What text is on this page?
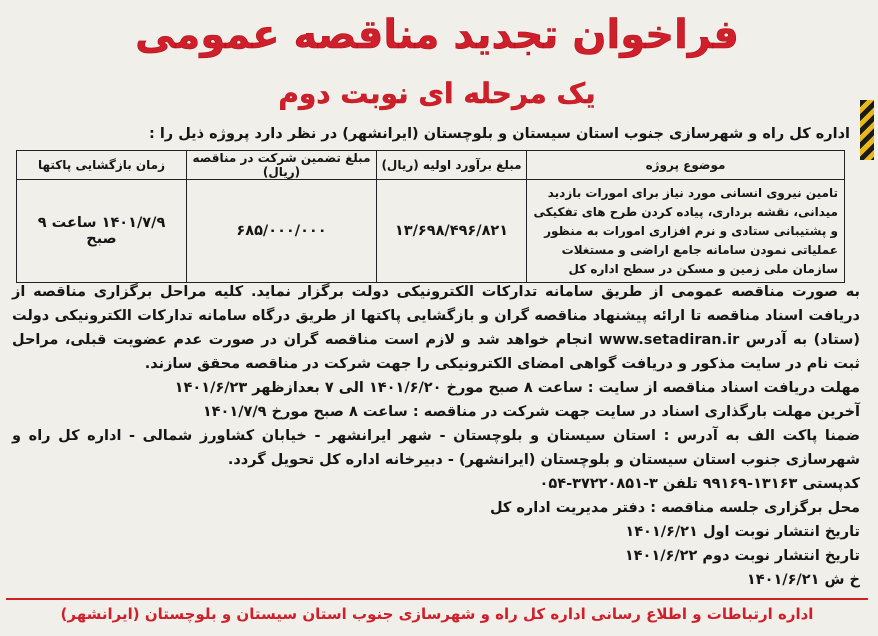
فراخوان تجدید مناقصه عمومی
یک مرحله ای نوبت دوم
اداره کل راه و شهرسازی جنوب استان سیستان و بلوچستان (ایرانشهر) در نظر دارد پروژه ذیل را :
موضوع پروژه	مبلغ برآورد اولیه (ریال)	مبلغ تضمین شرکت در مناقصه (ریال)	زمان بازگشایی پاکتها
تامین نیروی انسانی مورد نیاز برای امورات بازدید میدانی، نقشه برداری، پیاده کردن طرح های تفکیکی و پشتیبانی ستادی و نرم افزاری امورات به منظور عملیاتی نمودن سامانه جامع اراضی و مستغلات سازمان ملی زمین و مسکن در سطح اداره کل	۱۳/۶۹۸/۴۹۶/۸۲۱	۶۸۵/۰۰۰/۰۰۰	۱۴۰۱/۷/۹ ساعت ۹ صبح

به صورت مناقصه عمومی از طریق سامانه تدارکات الکترونیکی دولت برگزار نماید. کلیه مراحل برگزاری مناقصه از دریافت اسناد مناقصه تا ارائه پیشنهاد مناقصه گران و بازگشایی پاکتها از طریق درگاه سامانه تدارکات الکترونیکی دولت (ستاد) به آدرس www.setadiran.ir انجام خواهد شد و لازم است مناقصه گران در صورت عدم عضویت قبلی، مراحل ثبت نام در سایت مذکور و دریافت گواهی امضای الکترونیکی را جهت شرکت در مناقصه محقق سازند.

مهلت دریافت اسناد مناقصه از سایت : ساعت ۸ صبح مورخ ۱۴۰۱/۶/۲۰ الی ۷ بعدازظهر ۱۴۰۱/۶/۲۳

آخرین مهلت بارگذاری اسناد در سایت جهت شرکت در مناقصه : ساعت ۸ صبح مورخ ۱۴۰۱/۷/۹

ضمنا پاکت الف به آدرس : استان سیستان و بلوچستان - شهر ایرانشهر - خیابان کشاورز شمالی - اداره کل راه و شهرسازی جنوب استان سیستان و بلوچستان (ایرانشهر) - دبیرخانه اداره کل تحویل گردد.

کدپستی ۱۳۱۶۳-۹۹۱۶۹ تلفن ۳-۳۷۲۲۰۸۵۱-۰۵۴

محل برگزاری جلسه مناقصه : دفتر مدیریت اداره کل

تاریخ انتشار نوبت اول ۱۴۰۱/۶/۲۱

تاریخ انتشار نوبت دوم ۱۴۰۱/۶/۲۲

خ ش ۱۴۰۱/۶/۲۱

اداره ارتباطات و اطلاع رسانی اداره کل راه و شهرسازی جنوب استان سیستان و بلوچستان (ایرانشهر)
